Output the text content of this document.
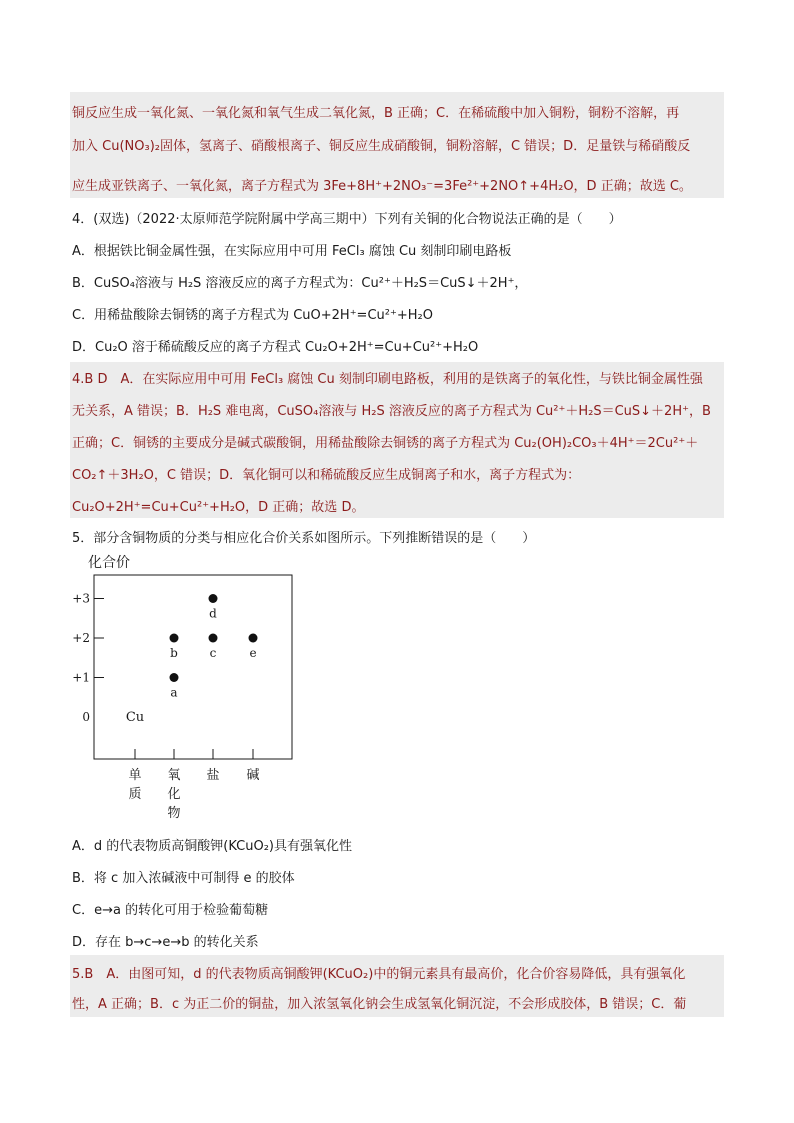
铜反应生成一氧化氮、一氧化氮和氧气生成二氧化氮，B 正确；C．在稀硫酸中加入铜粉，铜粉不溶解，再
加入 Cu(NO₃)₂固体，氢离子、硝酸根离子、铜反应生成硝酸铜，铜粉溶解，C 错误；D．足量铁与稀硝酸反
应生成亚铁离子、一氧化氮，离子方程式为 3Fe+8H⁺+2NO₃⁻=3Fe²⁺+2NO↑+4H₂O，D 正确；故选 C。
4．(双选)（2022·太原师范学院附属中学高三期中）下列有关铜的化合物说法正确的是（　　）
A．根据铁比铜金属性强，在实际应用中可用 FeCl₃ 腐蚀 Cu 刻制印刷电路板
B．CuSO₄溶液与 H₂S 溶液反应的离子方程式为：Cu²⁺＋H₂S＝CuS↓＋2H⁺，
C．用稀盐酸除去铜锈的离子方程式为 CuO+2H⁺=Cu²⁺+H₂O
D．Cu₂O 溶于稀硫酸反应的离子方程式 Cu₂O+2H⁺=Cu+Cu²⁺+H₂O
4.B D　A．在实际应用中可用 FeCl₃ 腐蚀 Cu 刻制印刷电路板，利用的是铁离子的氧化性，与铁比铜金属性强
无关系，A 错误；B．H₂S 难电离，CuSO₄溶液与 H₂S 溶液反应的离子方程式为 Cu²⁺＋H₂S＝CuS↓＋2H⁺，B
正确；C．铜锈的主要成分是碱式碳酸铜，用稀盐酸除去铜锈的离子方程式为 Cu₂(OH)₂CO₃＋4H⁺＝2Cu²⁺＋
CO₂↑＋3H₂O，C 错误；D．氧化铜可以和稀硫酸反应生成铜离子和水，离子方程式为：
Cu₂O+2H⁺=Cu+Cu²⁺+H₂O，D 正确；故选 D。
5．部分含铜物质的分类与相应化合价关系如图所示。下列推断错误的是（　　）
化合价
+3
+2
+1
0
单
质
氧
化
物
盐 碱
Cu
a
b	c
d
e
A．d 的代表物质高铜酸钾(KCuO₂)具有强氧化性
B．将 c 加入浓碱液中可制得 e 的胶体
C．e→a 的转化可用于检验葡萄糖
D．存在 b→c→e→b 的转化关系
5.B　A．由图可知，d 的代表物质高铜酸钾(KCuO₂)中的铜元素具有最高价，化合价容易降低，具有强氧化
性，A 正确；B．c 为正二价的铜盐，加入浓氢氧化钠会生成氢氧化铜沉淀，不会形成胶体，B 错误；C．葡
